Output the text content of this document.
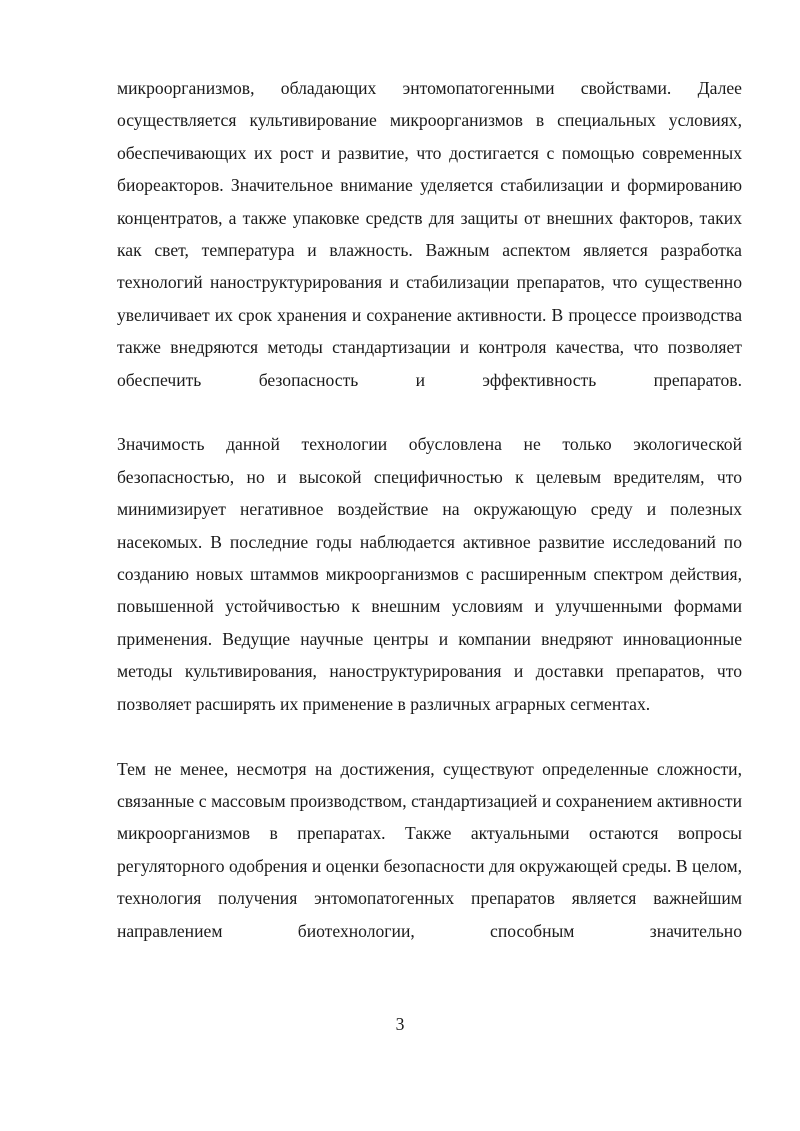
микроорганизмов, обладающих энтомопатогенными свойствами. Далее осуществляется культивирование микроорганизмов в специальных условиях, обеспечивающих их рост и развитие, что достигается с помощью современных биореакторов. Значительное внимание уделяется стабилизации и формированию концентратов, а также упаковке средств для защиты от внешних факторов, таких как свет, температура и влажность. Важным аспектом является разработка технологий наноструктурирования и стабилизации препаратов, что существенно увеличивает их срок хранения и сохранение активности. В процессе производства также внедряются методы стандартизации и контроля качества, что позволяет обеспечить безопасность и эффективность препаратов.

Значимость данной технологии обусловлена не только экологической безопасностью, но и высокой специфичностью к целевым вредителям, что минимизирует негативное воздействие на окружающую среду и полезных насекомых. В последние годы наблюдается активное развитие исследований по созданию новых штаммов микроорганизмов с расширенным спектром действия, повышенной устойчивостью к внешним условиям и улучшенными формами применения. Ведущие научные центры и компании внедряют инновационные методы культивирования, наноструктурирования и доставки препаратов, что позволяет расширять их применение в различных аграрных сегментах.

Тем не менее, несмотря на достижения, существуют определенные сложности, связанные с массовым производством, стандартизацией и сохранением активности микроорганизмов в препаратах. Также актуальными остаются вопросы регуляторного одобрения и оценки безопасности для окружающей среды. В целом, технология получения энтомопатогенных препаратов является важнейшим направлением биотехнологии, способным значительно

3
